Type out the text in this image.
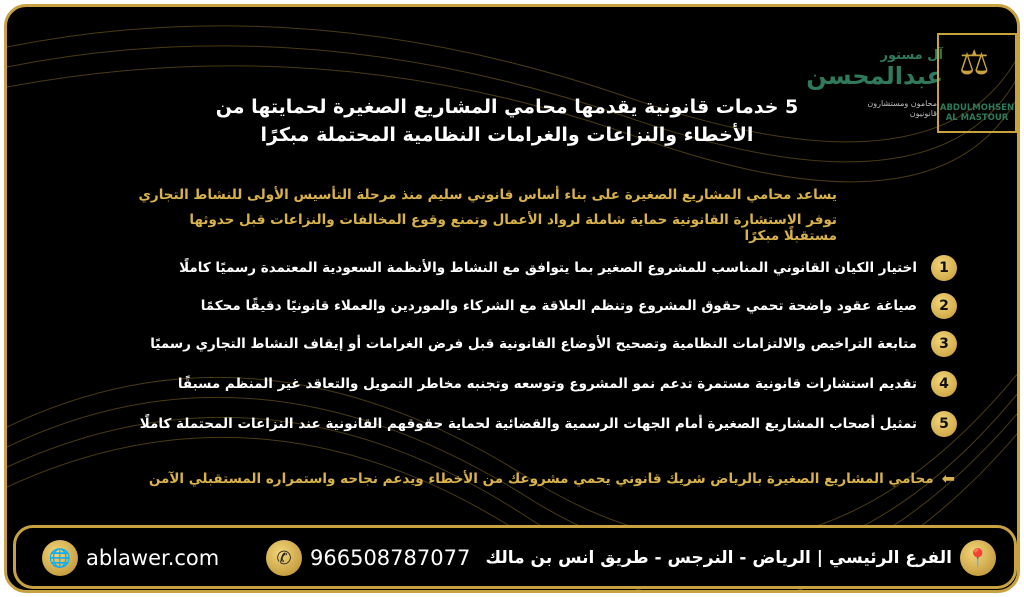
آل مستور
عبدالمحسن
محامون ومستشارون قانونيون
⚖
ABDULMOHSEN AL MASTOUR
5 خدمات قانونية يقدمها محامي المشاريع الصغيرة لحمايتها من
الأخطاء والنزاعات والغرامات النظامية المحتملة مبكرًا
يساعد محامي المشاريع الصغيرة على بناء أساس قانوني سليم منذ مرحلة التأسيس الأولى للنشاط التجاري
توفر الاستشارة القانونية حماية شاملة لرواد الأعمال وتمنع وقوع المخالفات والنزاعات قبل حدوثها مستقبلًا مبكرًا
1
اختيار الكيان القانوني المناسب للمشروع الصغير بما يتوافق مع النشاط والأنظمة السعودية المعتمدة رسميًا كاملًا
2
صياغة عقود واضحة تحمي حقوق المشروع وتنظم العلاقة مع الشركاء والموردين والعملاء قانونيًا دقيقًا محكمًا
3
متابعة التراخيص والالتزامات النظامية وتصحيح الأوضاع القانونية قبل فرض الغرامات أو إيقاف النشاط التجاري رسميًا
4
تقديم استشارات قانونية مستمرة تدعم نمو المشروع وتوسعه وتجنبه مخاطر التمويل والتعاقد غير المنظم مسبقًا
5
تمثيل أصحاب المشاريع الصغيرة أمام الجهات الرسمية والقضائية لحماية حقوقهم القانونية عند النزاعات المحتملة كاملًا
⬅
محامي المشاريع الصغيرة بالرياض شريك قانوني يحمي مشروعك من الأخطاء ويدعم نجاحه واستمراره المستقبلي الآمن
🌐 ablawer.com	✆ 966508787077	📍
الفرع الرئيسي | الرياض - النرجس - طريق انس بن مالك
